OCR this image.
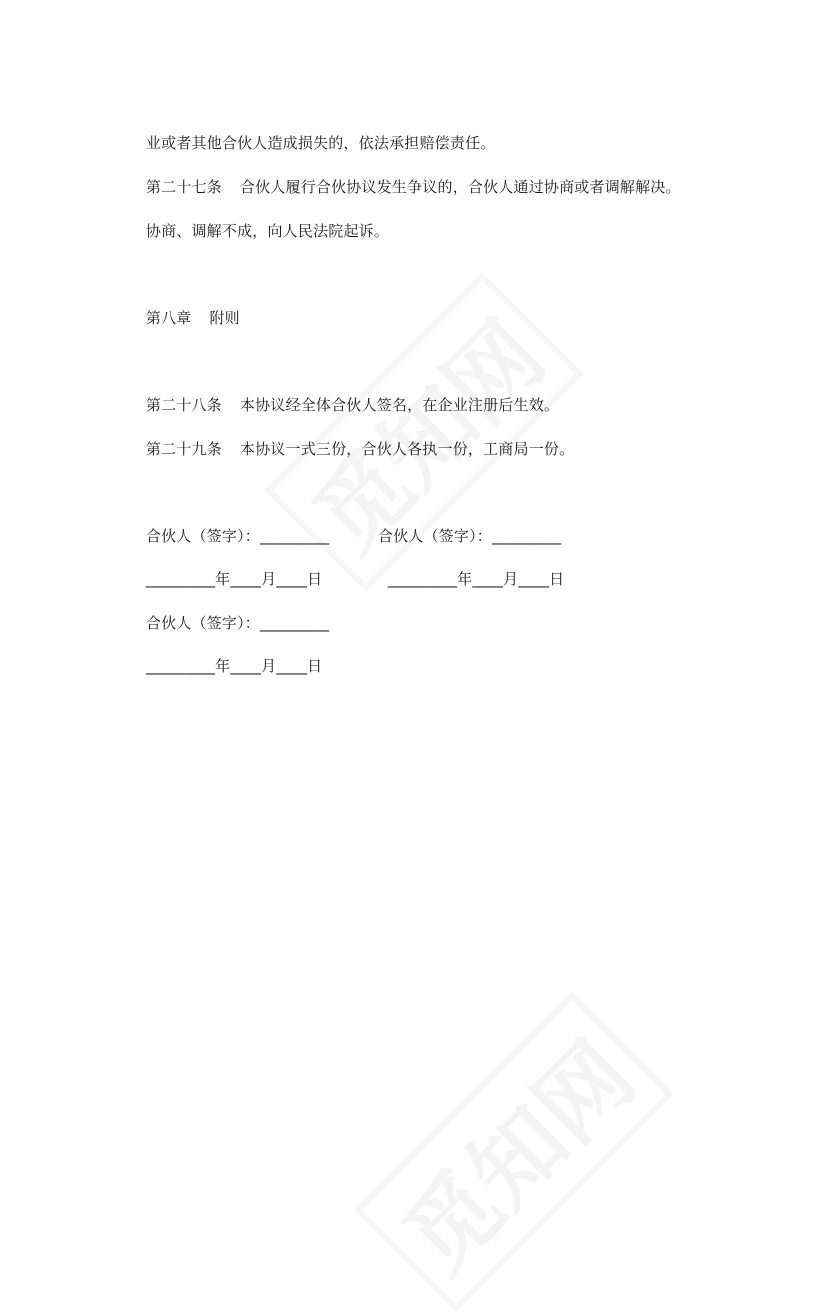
业或者其他合伙人造成损失的，依法承担赔偿责任。

第二十七条 合伙人履行合伙协议发生争议的，合伙人通过协商或者调解解决。

协商、调解不成，向人民法院起诉。

第八章 附则

第二十八条 本协议经全体合伙人签名，在企业注册后生效。

第二十九条 本协议一式三份，合伙人各执一份，工商局一份。

合伙人（签字）：_________
	合伙人（签字）：_________

_________年____月____日
	_________年____月____日

合伙人（签字）：_________

_________年____月____日
